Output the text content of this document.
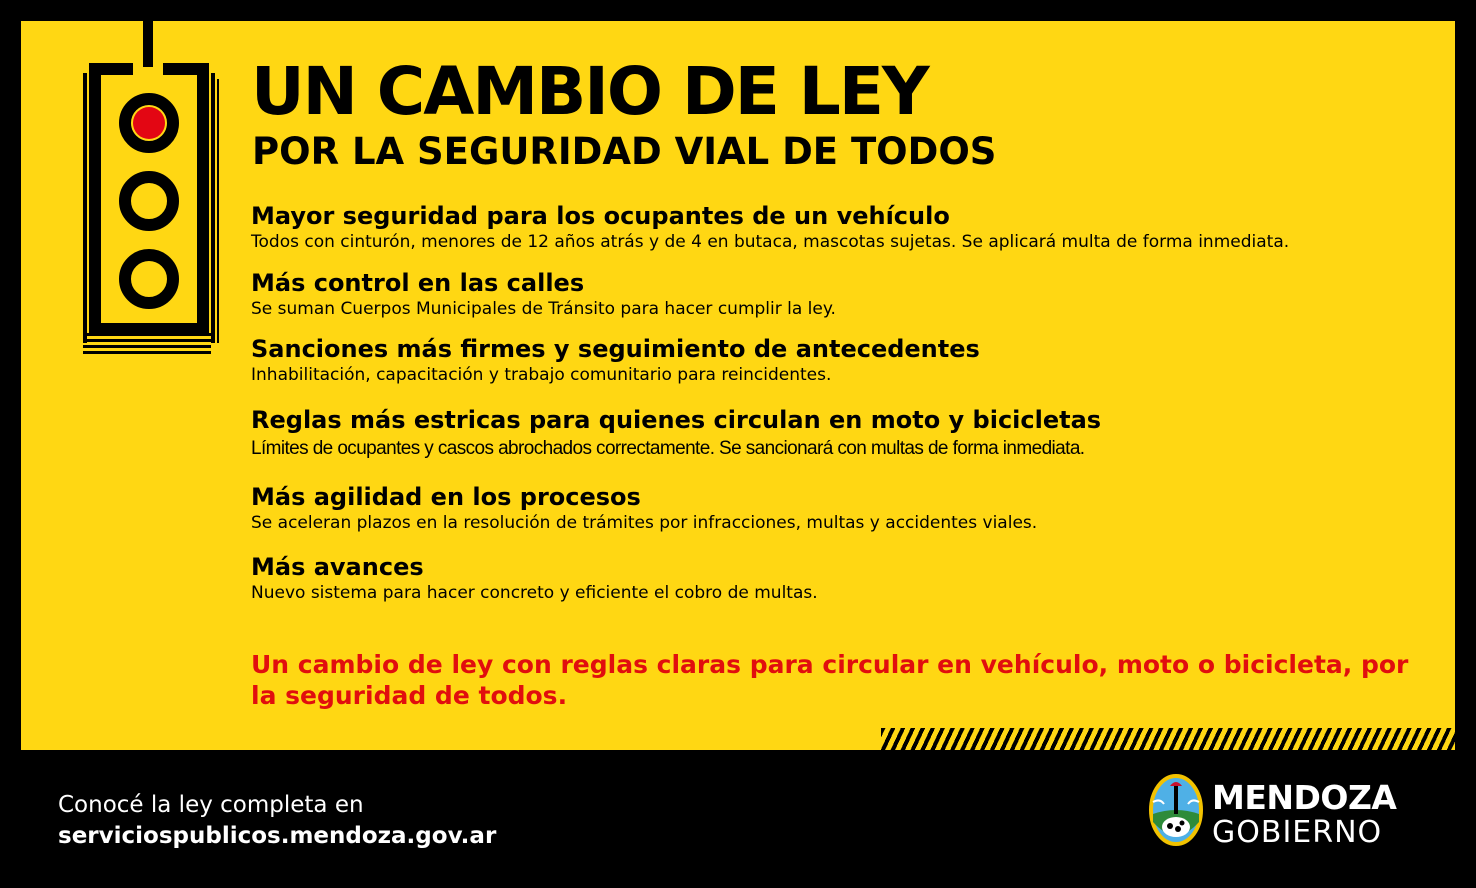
UN CAMBIO DE LEY
POR LA SEGURIDAD VIAL DE TODOS

Mayor seguridad para los ocupantes de un vehículo

Todos con cinturón, menores de 12 años atrás y de 4 en butaca, mascotas sujetas. Se aplicará multa de forma inmediata.

Más control en las calles

Se suman Cuerpos Municipales de Tránsito para hacer cumplir la ley.

Sanciones más firmes y seguimiento de antecedentes

Inhabilitación, capacitación y trabajo comunitario para reincidentes.

Reglas más estricas para quienes circulan en moto y bicicletas

Límites de ocupantes y cascos abrochados correctamente. Se sancionará con multas de forma inmediata.

Más agilidad en los procesos

Se aceleran plazos en la resolución de trámites por infracciones, multas y accidentes viales.

Más avances

Nuevo sistema para hacer concreto y eficiente el cobro de multas.

Un cambio de ley con reglas claras para circular en vehículo, moto o bicicleta, por la seguridad de todos.

Conocé la ley completa en
serviciospublicos.mendoza.gov.ar
MENDOZA
GOBIERNO
